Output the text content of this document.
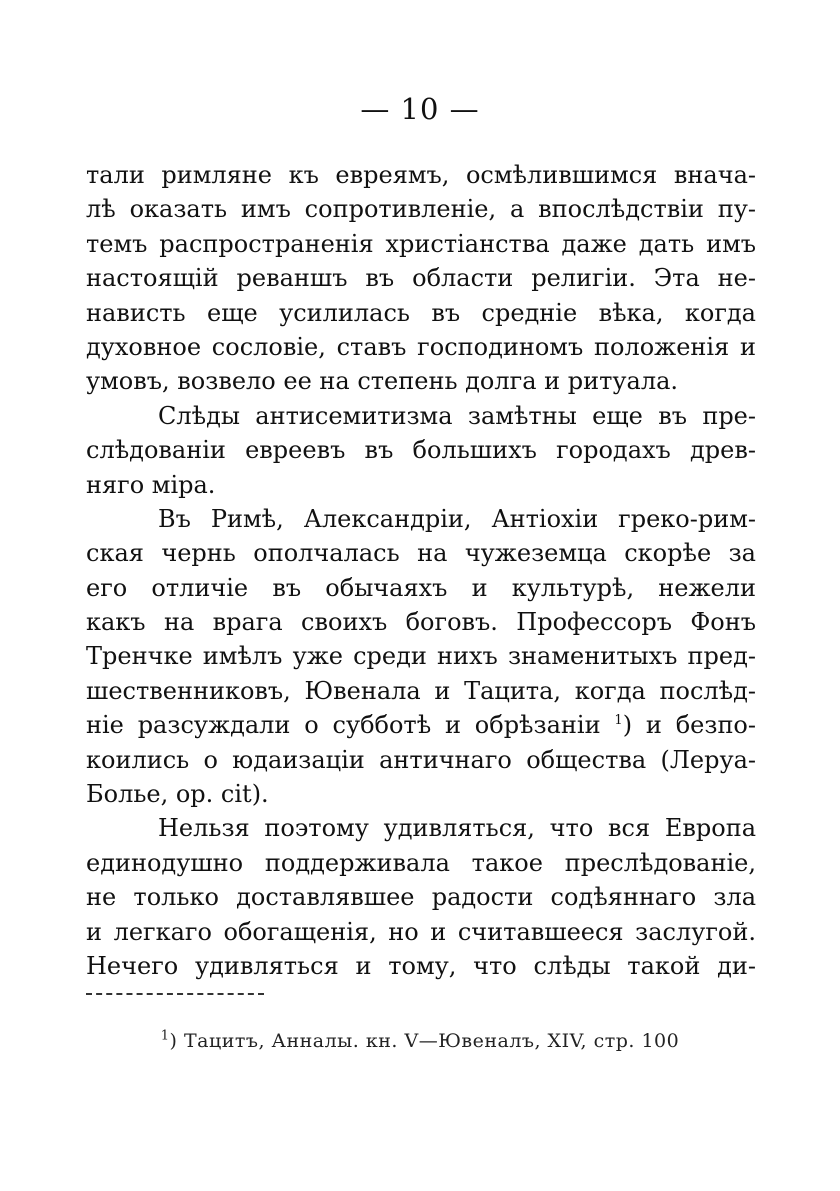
— 10 —
тали римляне къ евреямъ, осмѣлившимся внача-
лѣ оказать имъ сопротивленіе, а впослѣдствіи пу-
темъ распространенія христіанства даже дать имъ
настоящій реваншъ въ области религіи. Эта не-
нависть еще усилилась въ средніе вѣка, когда
духовное сословіе, ставъ господиномъ положенія и
умовъ, возвело ее на степень долга и ритуала.
Слѣды антисемитизма замѣтны еще въ пре-
слѣдованіи евреевъ въ большихъ городахъ древ-
няго міра.
Въ Римѣ, Александріи, Антіохіи греко-рим-
ская чернь ополчалась на чужеземца скорѣе за
его отличіе въ обычаяхъ и культурѣ, нежели
какъ на врага своихъ боговъ. Профессоръ Фонъ
Тренчке имѣлъ уже среди нихъ знаменитыхъ пред-
шественниковъ, Ювенала и Тацита, когда послѣд-
ніе разсуждали о субботѣ и обрѣзаніи $^1$) и безпо-
коились о юдаизаціи античнаго общества (Леруа-
Болье, op. cit).
Нельзя поэтому удивляться, что вся Европа
единодушно поддерживала такое преслѣдованіе,
не только доставлявшее радости содѣяннаго зла
и легкаго обогащенія, но и считавшееся заслугой.
Нечего удивляться и тому, что слѣды такой ди-
$^1$) Тацитъ, Анналы. кн. V—Ювеналъ, XIV, стр. 100
